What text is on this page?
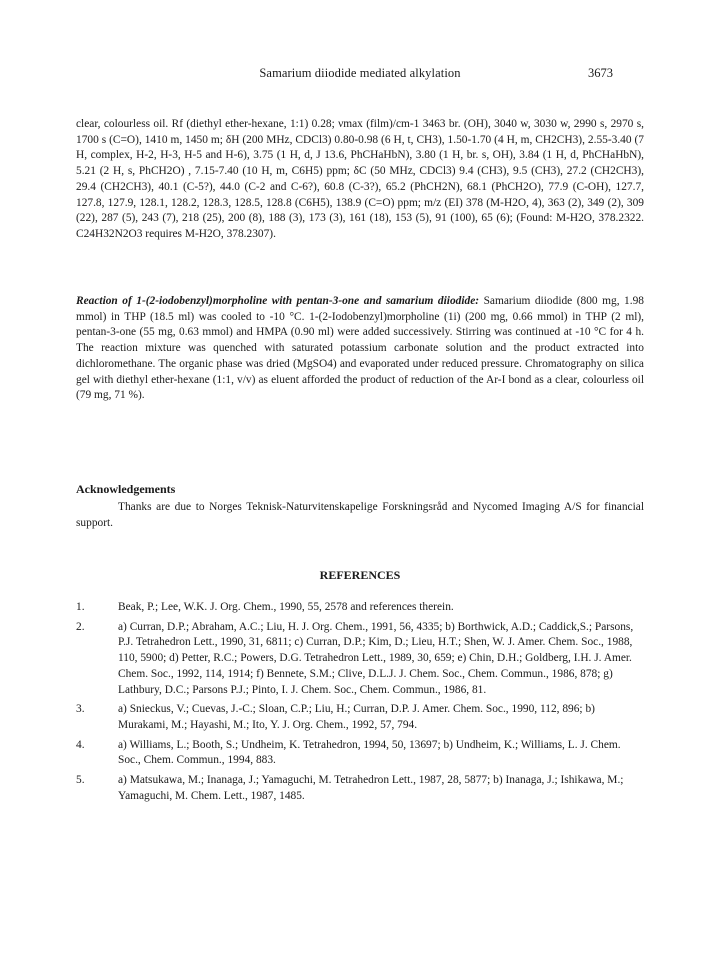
Samarium diiodide mediated alkylation	3673

clear, colourless oil. Rf (diethyl ether-hexane, 1:1) 0.28; νmax (film)/cm-1 3463 br. (OH), 3040 w, 3030 w, 2990 s, 2970 s, 1700 s (C=O), 1410 m, 1450 m; δH (200 MHz, CDCl3) 0.80-0.98 (6 H, t, CH3), 1.50-1.70 (4 H, m, CH2CH3), 2.55-3.40 (7 H, complex, H-2, H-3, H-5 and H-6), 3.75 (1 H, d, J 13.6, PhCHaHbN), 3.80 (1 H, br. s, OH), 3.84 (1 H, d, PhCHaHbN), 5.21 (2 H, s, PhCH2O) , 7.15-7.40 (10 H, m, C6H5) ppm; δC (50 MHz, CDCl3) 9.4 (CH3), 9.5 (CH3), 27.2 (CH2CH3), 29.4 (CH2CH3), 40.1 (C-5?), 44.0 (C-2 and C-6?), 60.8 (C-3?), 65.2 (PhCH2N), 68.1 (PhCH2O), 77.9 (C-OH), 127.7, 127.8, 127.9, 128.1, 128.2, 128.3, 128.5, 128.8 (C6H5), 138.9 (C=O) ppm; m/z (EI) 378 (M-H2O, 4), 363 (2), 349 (2), 309 (22), 287 (5), 243 (7), 218 (25), 200 (8), 188 (3), 173 (3), 161 (18), 153 (5), 91 (100), 65 (6); (Found: M-H2O, 378.2322. C24H32N2O3 requires M-H2O, 378.2307).

Reaction of 1-(2-iodobenzyl)morpholine with pentan-3-one and samarium diiodide: Samarium diiodide (800 mg, 1.98 mmol) in THP (18.5 ml) was cooled to -10 °C. 1-(2-Iodobenzyl)morpholine (1i) (200 mg, 0.66 mmol) in THP (2 ml), pentan-3-one (55 mg, 0.63 mmol) and HMPA (0.90 ml) were added successively. Stirring was continued at -10 °C for 4 h. The reaction mixture was quenched with saturated potassium carbonate solution and the product extracted into dichloromethane. The organic phase was dried (MgSO4) and evaporated under reduced pressure. Chromatography on silica gel with diethyl ether-hexane (1:1, v/v) as eluent afforded the product of reduction of the Ar-I bond as a clear, colourless oil (79 mg, 71 %).

Acknowledgements

Thanks are due to Norges Teknisk-Naturvitenskapelige Forskningsråd and Nycomed Imaging A/S for financial support.

REFERENCES
1.	Beak, P.; Lee, W.K. J. Org. Chem., 1990, 55, 2578 and references therein.
2.	a) Curran, D.P.; Abraham, A.C.; Liu, H. J. Org. Chem., 1991, 56, 4335; b) Borthwick, A.D.; Caddick,S.; Parsons, P.J. Tetrahedron Lett., 1990, 31, 6811; c) Curran, D.P.; Kim, D.; Lieu, H.T.; Shen, W. J. Amer. Chem. Soc., 1988, 110, 5900; d) Petter, R.C.; Powers, D.G. Tetrahedron Lett., 1989, 30, 659; e) Chin, D.H.; Goldberg, I.H. J. Amer. Chem. Soc., 1992, 114, 1914; f) Bennete, S.M.; Clive, D.L.J. J. Chem. Soc., Chem. Commun., 1986, 878; g) Lathbury, D.C.; Parsons P.J.; Pinto, I. J. Chem. Soc., Chem. Commun., 1986, 81.
3.	a) Snieckus, V.; Cuevas, J.-C.; Sloan, C.P.; Liu, H.; Curran, D.P. J. Amer. Chem. Soc., 1990, 112, 896; b) Murakami, M.; Hayashi, M.; Ito, Y. J. Org. Chem., 1992, 57, 794.
4.	a) Williams, L.; Booth, S.; Undheim, K. Tetrahedron, 1994, 50, 13697; b) Undheim, K.; Williams, L. J. Chem. Soc., Chem. Commun., 1994, 883.
5.	a) Matsukawa, M.; Inanaga, J.; Yamaguchi, M. Tetrahedron Lett., 1987, 28, 5877; b) Inanaga, J.; Ishikawa, M.; Yamaguchi, M. Chem. Lett., 1987, 1485.
